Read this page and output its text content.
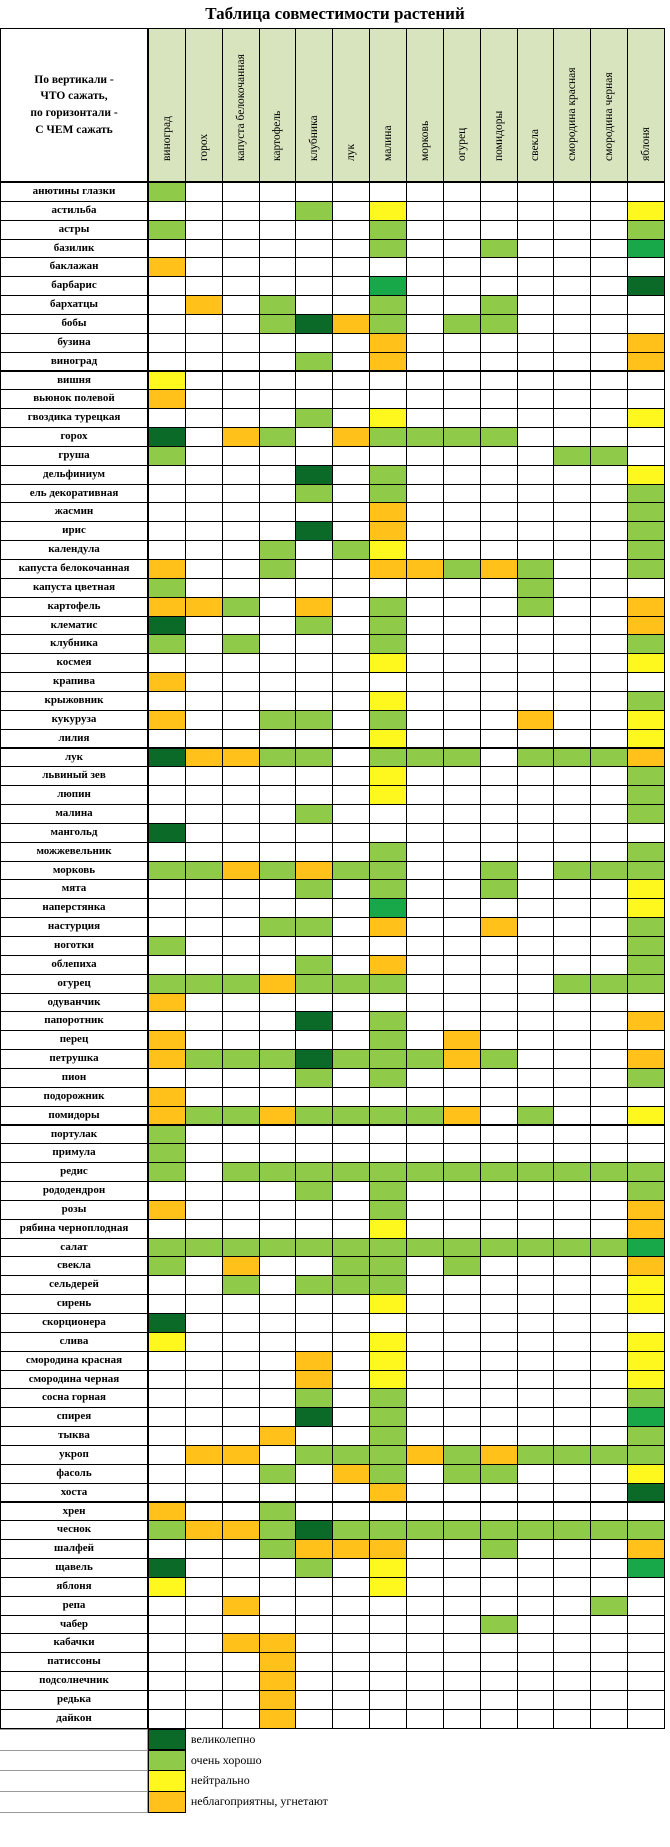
Таблица совместимости растений
По вертикали -
ЧТО сажать,
по горизонтали -
С ЧЕМ сажать	виноград горох капуста белокочанная картофель клубника лук малина морковь огурец помидоры свекла смородина красная смородина черная яблоня
анютины глазки
астильба
астры
базилик
баклажан
барбарис
бархатцы
бобы
бузина
виноград
вишня
вьюнок полевой
гвоздика турецкая
горох
груша
дельфиниум
ель декоративная
жасмин
ирис
календула
капуста белокочанная
капуста цветная
картофель
клематис
клубника
космея
крапива
крыжовник
кукуруза
лилия
лук
львиный зев
люпин
малина
мангольд
можжевельник
морковь
мята
наперстянка
настурция
ноготки
облепиха
огурец
одуванчик
папоротник
перец
петрушка
пион
подорожник
помидоры
портулак
примула
редис
рододендрон
розы
рябина черноплодная
салат
свекла
сельдерей
сирень
скорционера
слива
смородина красная
смородина черная
сосна горная
спирея
тыква
укроп
фасоль
хоста
хрен
чеснок
шалфей
щавель
яблоня
репа
чабер
кабачки
патиссоны
подсолнечник
редька
дайкон
великолепно
очень хорошо
нейтрально
неблагоприятны, угнетают
